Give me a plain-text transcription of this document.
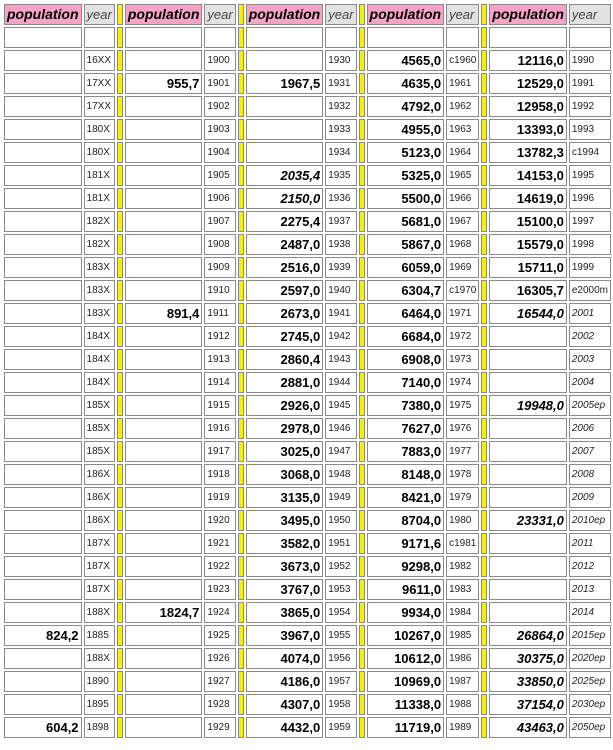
population	year		population	year		population	year		population	year		population	year

	16XX			1900			1930		4565,0	c1960		12116,0	1990
	17XX		955,7	1901		1967,5	1931		4635,0	1961		12529,0	1991
	17XX			1902			1932		4792,0	1962		12958,0	1992
	180X			1903			1933		4955,0	1963		13393,0	1993
	180X			1904			1934		5123,0	1964		13782,3	c1994
	181X			1905		2035,4	1935		5325,0	1965		14153,0	1995
	181X			1906		2150,0	1936		5500,0	1966		14619,0	1996
	182X			1907		2275,4	1937		5681,0	1967		15100,0	1997
	182X			1908		2487,0	1938		5867,0	1968		15579,0	1998
	183X			1909		2516,0	1939		6059,0	1969		15711,0	1999
	183X			1910		2597,0	1940		6304,7	c1970		16305,7	e2000m
	183X		891,4	1911		2673,0	1941		6464,0	1971		16544,0	2001
	184X			1912		2745,0	1942		6684,0	1972			2002
	184X			1913		2860,4	1943		6908,0	1973			2003
	184X			1914		2881,0	1944		7140,0	1974			2004
	185X			1915		2926,0	1945		7380,0	1975		19948,0	2005ep
	185X			1916		2978,0	1946		7627,0	1976			2006
	185X			1917		3025,0	1947		7883,0	1977			2007
	186X			1918		3068,0	1948		8148,0	1978			2008
	186X			1919		3135,0	1949		8421,0	1979			2009
	186X			1920		3495,0	1950		8704,0	1980		23331,0	2010ep
	187X			1921		3582,0	1951		9171,6	c1981			2011
	187X			1922		3673,0	1952		9298,0	1982			2012
	187X			1923		3767,0	1953		9611,0	1983			2013
	188X		1824,7	1924		3865,0	1954		9934,0	1984			2014
824,2	1885			1925		3967,0	1955		10267,0	1985		26864,0	2015ep
	188X			1926		4074,0	1956		10612,0	1986		30375,0	2020ep
	1890			1927		4186,0	1957		10969,0	1987		33850,0	2025ep
	1895			1928		4307,0	1958		11338,0	1988		37154,0	2030ep
604,2	1898			1929		4432,0	1959		11719,0	1989		43463,0	2050ep
